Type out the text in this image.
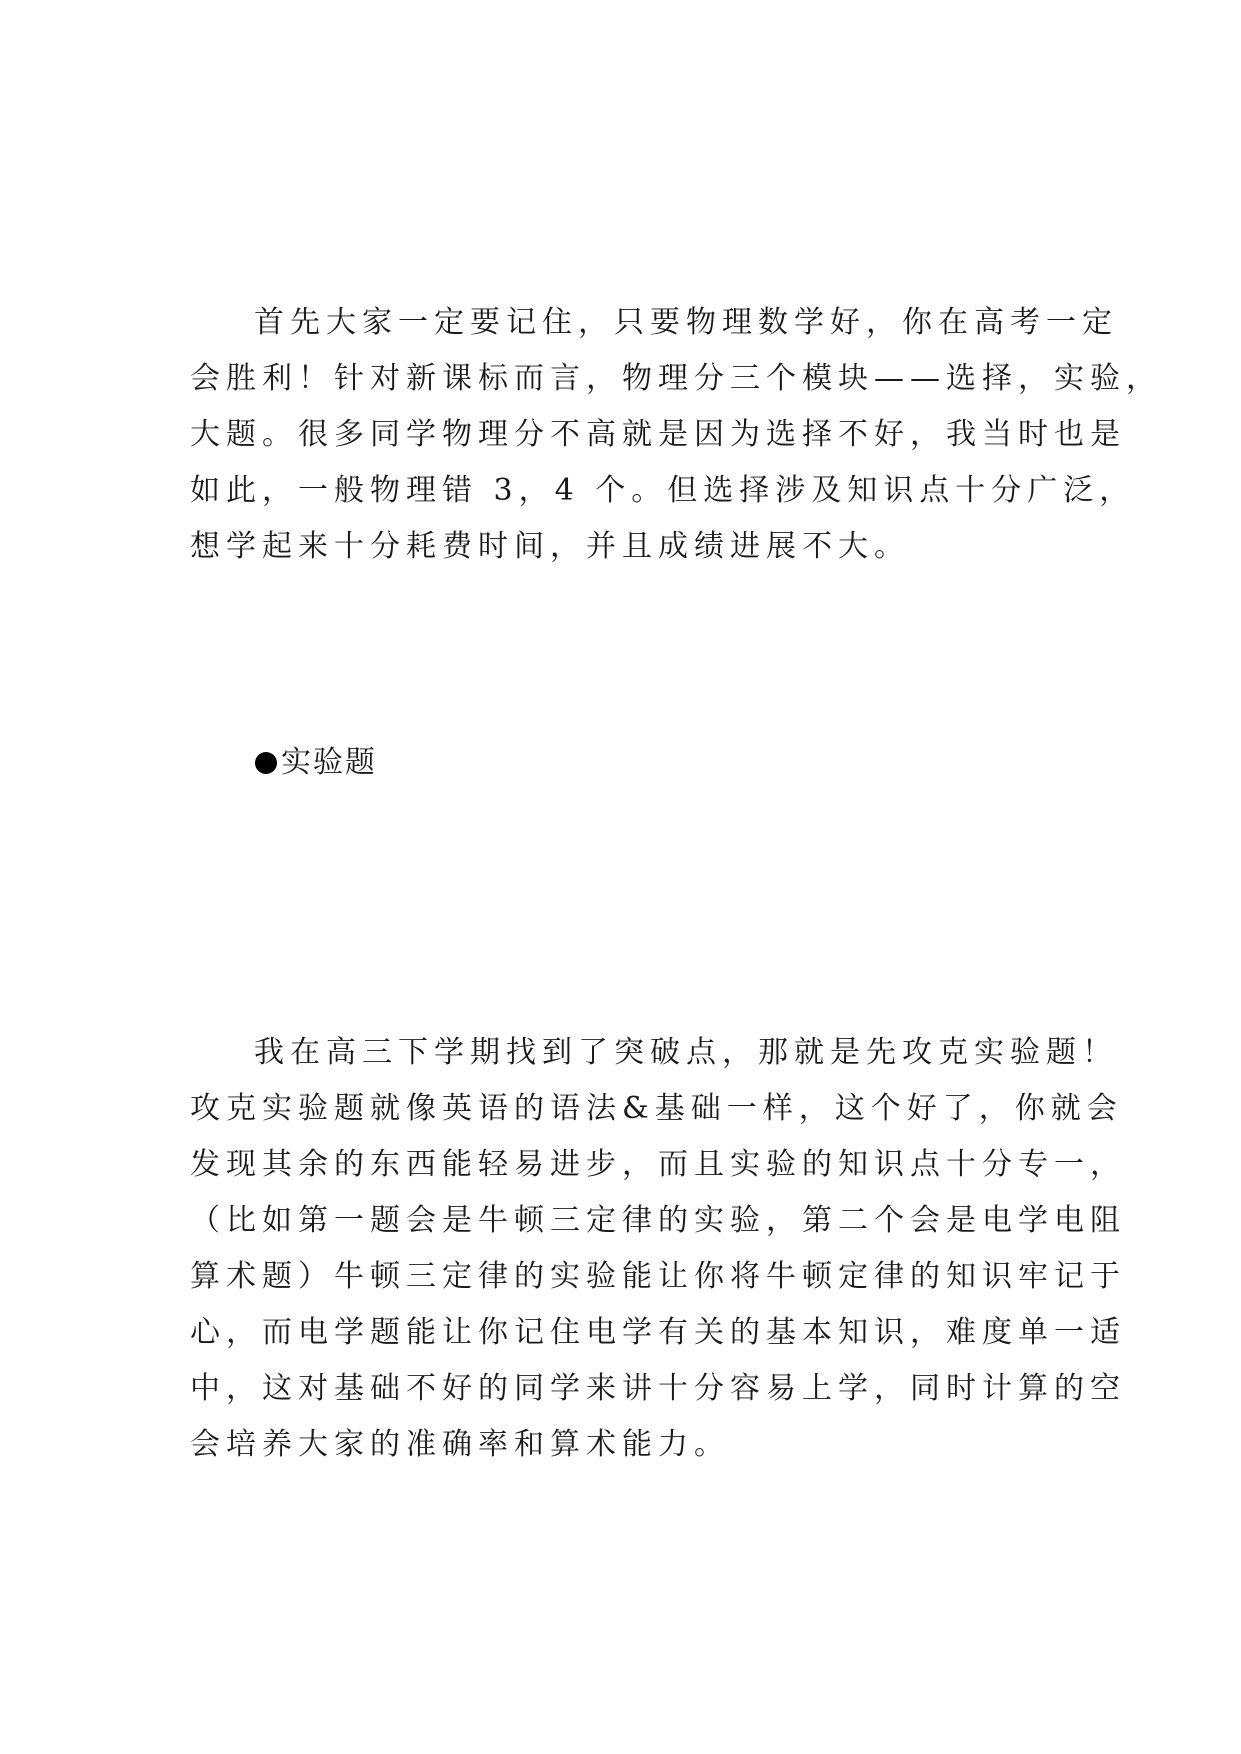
首先大家一定要记住，只要物理数学好，你在高考一定
会胜利！针对新课标而言，物理分三个模块——选择，实验，
大题。很多同学物理分不高就是因为选择不好，我当时也是
如此，一般物理错 3，4 个。但选择涉及知识点十分广泛，
想学起来十分耗费时间，并且成绩进展不大。
实验题
我在高三下学期找到了突破点，那就是先攻克实验题！
攻克实验题就像英语的语法&基础一样，这个好了，你就会
发现其余的东西能轻易进步，而且实验的知识点十分专一，
（比如第一题会是牛顿三定律的实验，第二个会是电学电阻
算术题）牛顿三定律的实验能让你将牛顿定律的知识牢记于
心，而电学题能让你记住电学有关的基本知识，难度单一适
中，这对基础不好的同学来讲十分容易上学，同时计算的空
会培养大家的准确率和算术能力。
